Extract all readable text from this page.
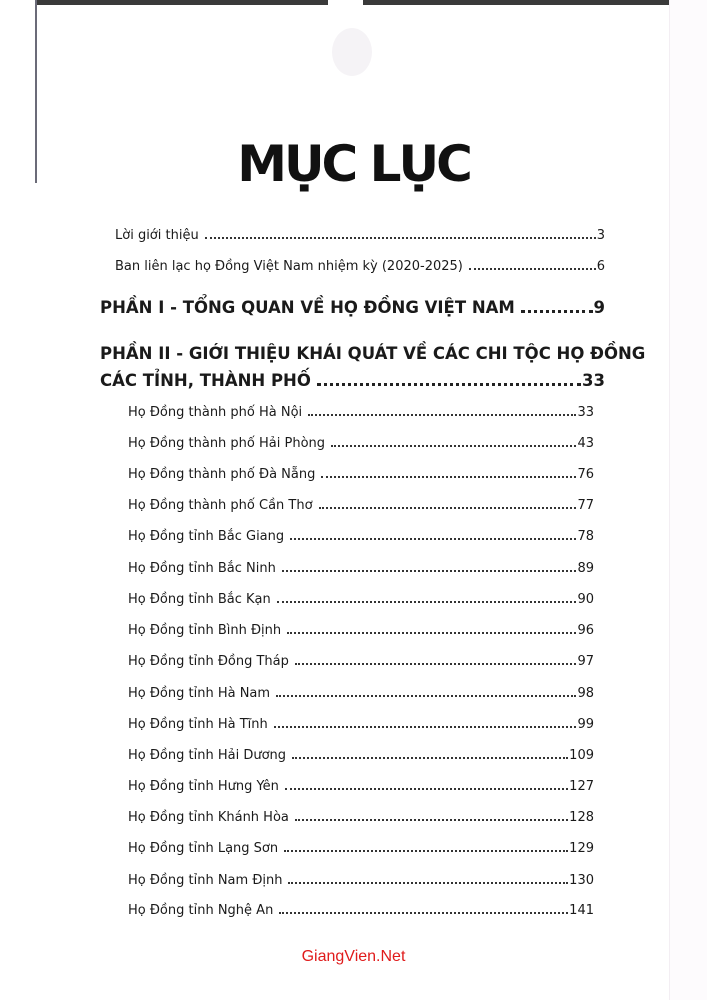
MỤC LỤC
Lời giới thiệu	3
Ban liên lạc họ Đồng Việt Nam nhiệm kỳ (2020-2025)	6
PHẦN I - TỔNG QUAN VỀ HỌ ĐỒNG VIỆT NAM	9
PHẦN II - GIỚI THIỆU KHÁI QUÁT VỀ CÁC CHI TỘC HỌ ĐỒNG
CÁC TỈNH, THÀNH PHỐ	33
Họ Đồng thành phố Hà Nội	33
Họ Đồng thành phố Hải Phòng	43
Họ Đồng thành phố Đà Nẵng	76
Họ Đồng thành phố Cần Thơ	77
Họ Đồng tỉnh Bắc Giang	78
Họ Đồng tỉnh Bắc Ninh	89
Họ Đồng tỉnh Bắc Kạn	90
Họ Đồng tỉnh Bình Định	96
Họ Đồng tỉnh Đồng Tháp	97
Họ Đồng tỉnh Hà Nam	98
Họ Đồng tỉnh Hà Tĩnh	99
Họ Đồng tỉnh Hải Dương	109
Họ Đồng tỉnh Hưng Yên	127
Họ Đồng tỉnh Khánh Hòa	128
Họ Đồng tỉnh Lạng Sơn	129
Họ Đồng tỉnh Nam Định	130
Họ Đồng tỉnh Nghệ An	141
GiangVien.Net
